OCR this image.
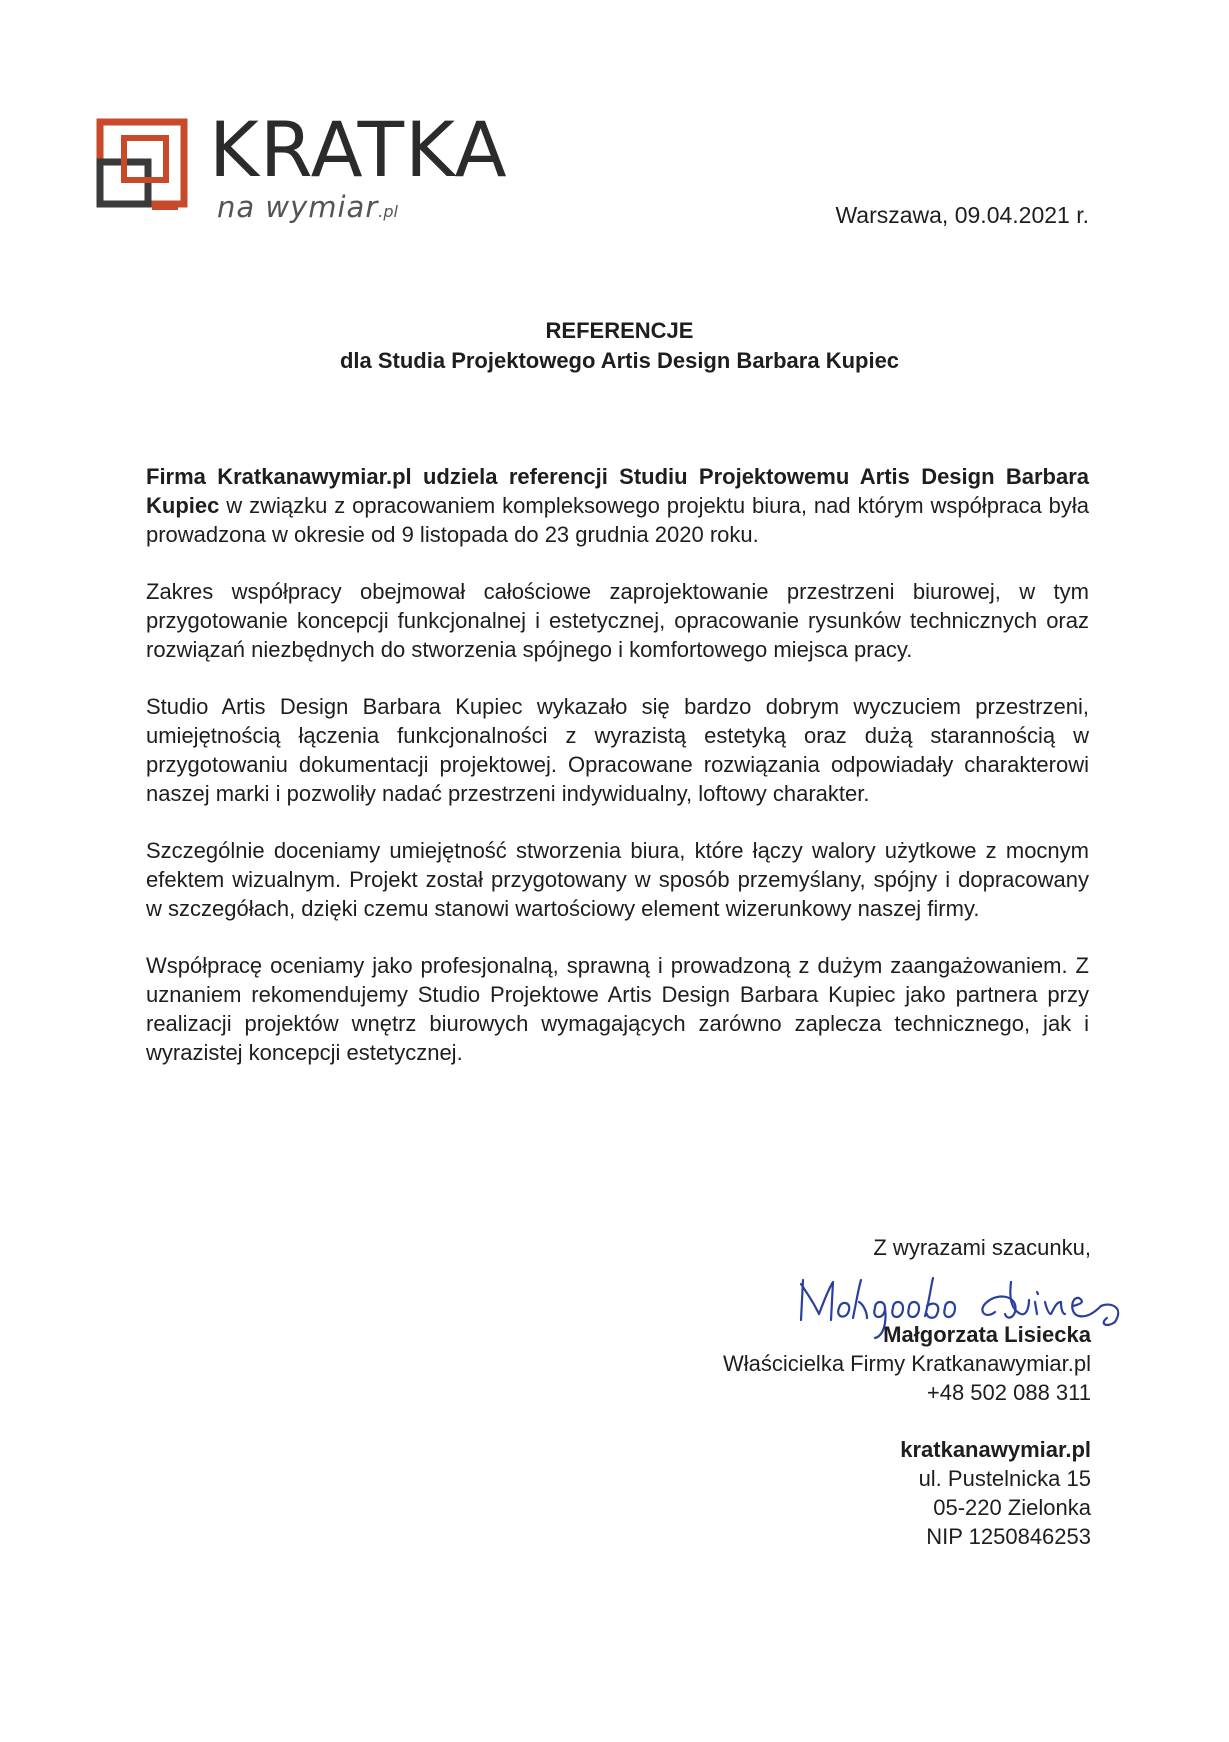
KRATKA
na wymiar.pl	Warszawa, 09.04.2021 r.
REFERENCJE
dla Studia Projektowego Artis Design Barbara Kupiec

Firma Kratkanawymiar.pl udziela referencji Studiu Projektowemu Artis Design Barbara Kupiec w związku z opracowaniem kompleksowego projektu biura, nad którym współpraca była prowadzona w okresie od 9 listopada do 23 grudnia 2020 roku.

Zakres współpracy obejmował całościowe zaprojektowanie przestrzeni biurowej, w tym przygotowanie koncepcji funkcjonalnej i estetycznej, opracowanie rysunków technicznych oraz rozwiązań niezbędnych do stworzenia spójnego i komfortowego miejsca pracy.

Studio Artis Design Barbara Kupiec wykazało się bardzo dobrym wyczuciem przestrzeni, umiejętnością łączenia funkcjonalności z wyrazistą estetyką oraz dużą starannością w przygotowaniu dokumentacji projektowej. Opracowane rozwiązania odpowiadały charakterowi naszej marki i pozwoliły nadać przestrzeni indywidualny, loftowy charakter.

Szczególnie doceniamy umiejętność stworzenia biura, które łączy walory użytkowe z mocnym efektem wizualnym. Projekt został przygotowany w sposób przemyślany, spójny i dopracowany w szczegółach, dzięki czemu stanowi wartościowy element wizerunkowy naszej firmy.

Współpracę oceniamy jako profesjonalną, sprawną i prowadzoną z dużym zaangażowaniem. Z uznaniem rekomendujemy Studio Projektowe Artis Design Barbara Kupiec jako partnera przy realizacji projektów wnętrz biurowych wymagających zarówno zaplecza technicznego, jak i wyrazistej koncepcji estetycznej.

Z wyrazami szacunku,
Małgorzata Lisiecka
Właścicielka Firmy Kratkanawymiar.pl
+48 502 088 311
kratkanawymiar.pl
ul. Pustelnicka 15
05-220 Zielonka
NIP 1250846253
